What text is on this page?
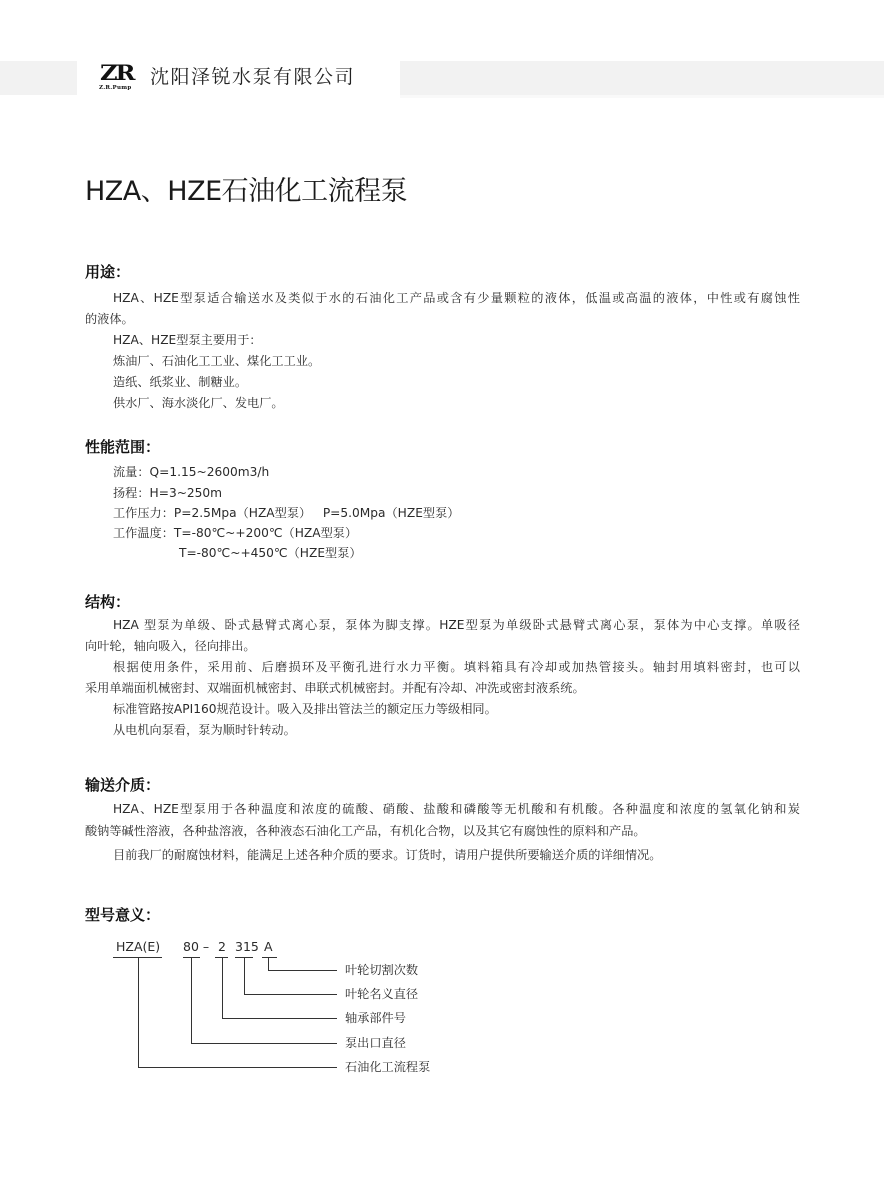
ZR
Z.R.Pump 沈阳泽锐水泵有限公司
HZA、HZE石油化工流程泵
用途：
HZA、HZE型泵适合输送水及类似于水的石油化工产品或含有少量颗粒的液体，低温或高温的液体，中性或有腐蚀性
的液体。
HZA、HZE型泵主要用于：
炼油厂、石油化工工业、煤化工工业。
造纸、纸浆业、制糖业。
供水厂、海水淡化厂、发电厂。
性能范围：
流量：Q=1.15~2600m3/h
扬程：H=3~250m
工作压力：P=2.5Mpa（HZA型泵）   P=5.0Mpa（HZE型泵）
工作温度：T=-80℃~+200℃（HZA型泵）
T=-80℃~+450℃（HZE型泵）
结构：
HZA 型泵为单级、卧式悬臂式离心泵，泵体为脚支撑。HZE型泵为单级卧式悬臂式离心泵，泵体为中心支撑。单吸径
向叶轮，轴向吸入，径向排出。
根据使用条件，采用前、后磨损环及平衡孔进行水力平衡。填料箱具有冷却或加热管接头。轴封用填料密封，也可以
采用单端面机械密封、双端面机械密封、串联式机械密封。并配有冷却、冲洗或密封液系统。
标准管路按API160规范设计。吸入及排出管法兰的额定压力等级相同。
从电机向泵看，泵为顺时针转动。
输送介质：
HZA、HZE型泵用于各种温度和浓度的硫酸、硝酸、盐酸和磷酸等无机酸和有机酸。各种温度和浓度的氢氧化钠和炭
酸钠等碱性溶液，各种盐溶液，各种液态石油化工产品，有机化合物，以及其它有腐蚀性的原料和产品。
目前我厂的耐腐蚀材料，能满足上述各种介质的要求。订货时，请用户提供所要输送介质的详细情况。
型号意义：
HZA(E) 80 – 2 315 A
叶轮切割次数
叶轮名义直径
轴承部件号
泵出口直径
石油化工流程泵
